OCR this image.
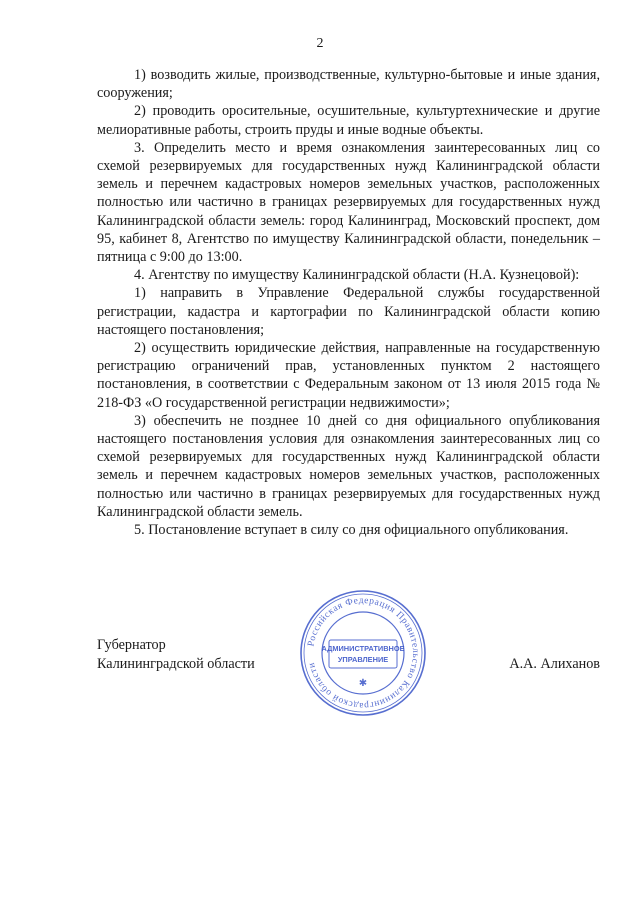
2

1) возводить жилые, производственные, культурно-бытовые и иные здания, сооружения;

2) проводить оросительные, осушительные, культуртехнические и другие мелиоративные работы, строить пруды и иные водные объекты.

3. Определить место и время ознакомления заинтересованных лиц со схемой резервируемых для государственных нужд Калининградской области земель и перечнем кадастровых номеров земельных участков, расположенных полностью или частично в границах резервируемых для государственных нужд Калининградской области земель: город Калининград, Московский проспект, дом 95, кабинет 8, Агентство по имуществу Калининградской области, понедельник – пятница с 9:00 до 13:00.

4. Агентству по имуществу Калининградской области (Н.А. Кузнецовой):

1) направить в Управление Федеральной службы государственной регистрации, кадастра и картографии по Калининградской области копию настоящего постановления;

2) осуществить юридические действия, направленные на государственную регистрацию ограничений прав, установленных пунктом 2 настоящего постановления, в соответствии с Федеральным законом от 13 июля 2015 года № 218-ФЗ «О государственной регистрации недвижимости»;

3) обеспечить не позднее 10 дней со дня официального опубликования настоящего постановления условия для ознакомления заинтересованных лиц со схемой резервируемых для государственных нужд Калининградской области земель и перечнем кадастровых номеров земельных участков, расположенных полностью или частично в границах резервируемых для государственных нужд Калининградской области земель.

5. Постановление вступает в силу со дня официального опубликования.

Губернатор
Калининградской области	А.А. Алиханов
Российская Федерация Правительство Калининградской области
АДМИНИСТРАТИВНОЕ
УПРАВЛЕНИЕ
✱
